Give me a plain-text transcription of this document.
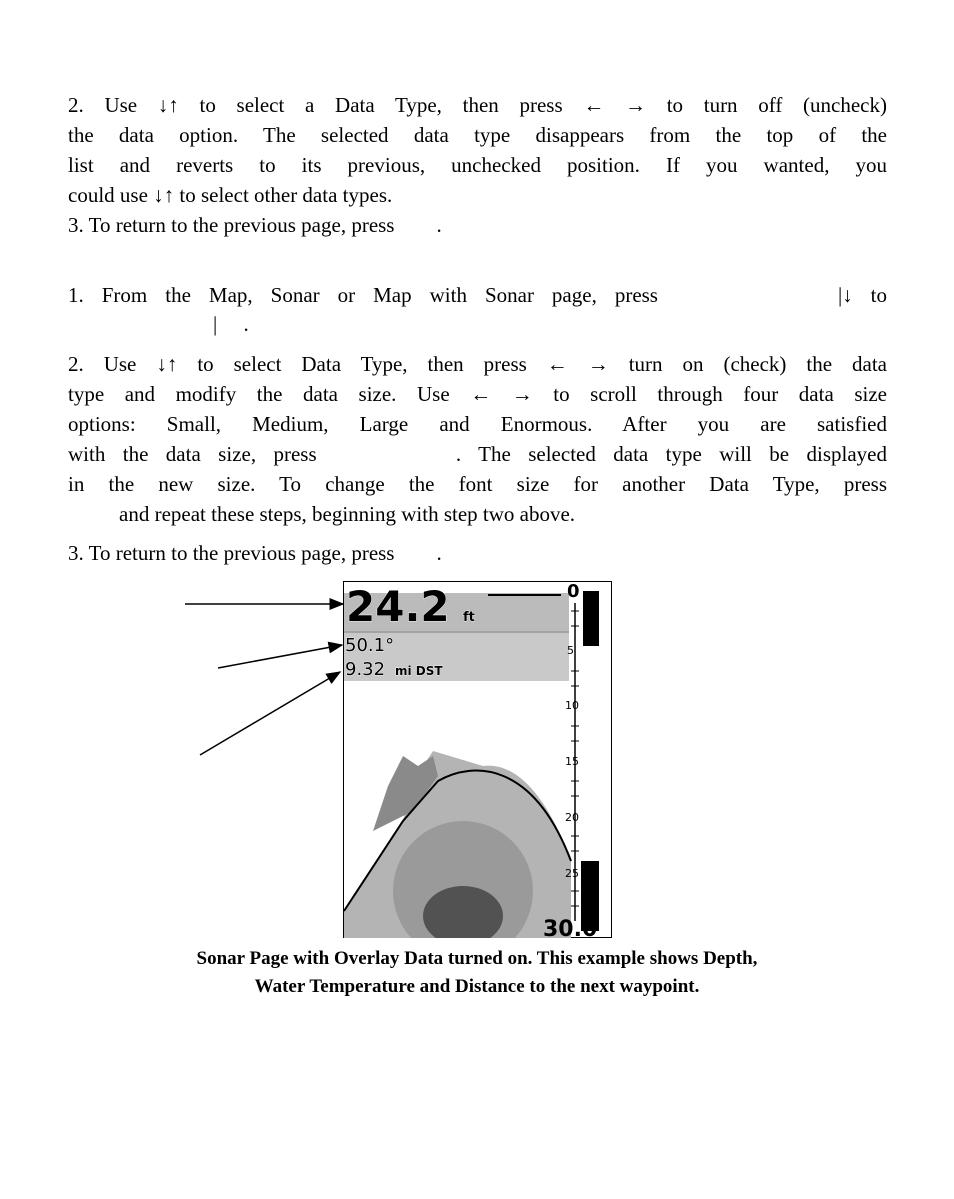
2. Use ↓↑ to select a Data Type, then press ← → to turn off (uncheck)
the data option. The selected data type disappears from the top of the
list and reverts to its previous, unchecked position. If you wanted, you
could use ↓↑ to select other data types.
3. To return to the previous page, press        .
1. From the Map, Sonar or Map with Sonar page, press          |↓ to
|     .
2. Use ↓↑ to select Data Type, then press ← → turn on (check) the data
type and modify the data size. Use ← → to scroll through four data size
options: Small, Medium, Large and Enormous. After you are satisfied
with the data size, press        . The selected data type will be displayed
in the new size. To change the font size for another Data Type, press
and repeat these steps, beginning with step two above.
3. To return to the previous page, press        .
0
5
10
15
20
25
30.0
24.2 ft
50.1°
9.32 mi DST
Sonar Page with Overlay Data turned on. This example shows Depth,
Water Temperature and Distance to the next waypoint.
